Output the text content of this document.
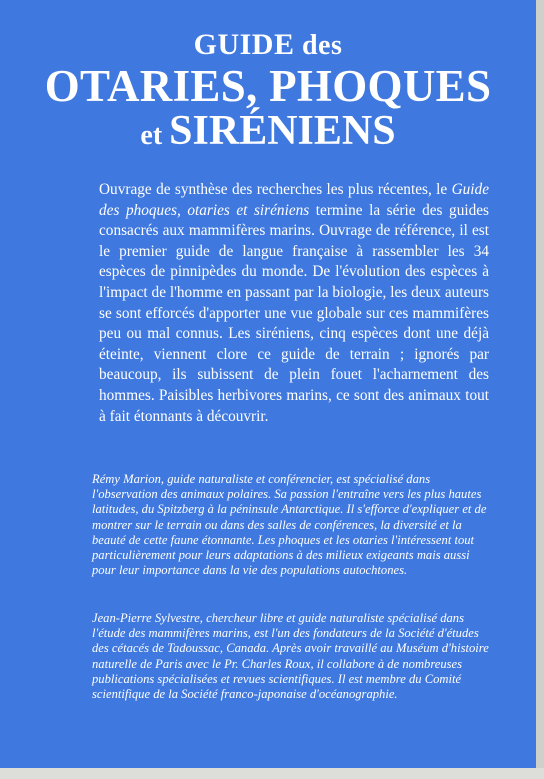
GUIDE des
OTARIES, PHOQUES
et SIRÉNIENS

Ouvrage de synthèse des recherches les plus récentes, le Guide des phoques, otaries et siréniens termine la série des guides consacrés aux mammifères marins. Ouvrage de référence, il est le premier guide de langue française à rassembler les 34 espèces de pinnipèdes du monde. De l'évolution des espèces à l'impact de l'homme en passant par la biologie, les deux auteurs se sont efforcés d'apporter une vue globale sur ces mammifères peu ou mal connus. Les siréniens, cinq espèces dont une déjà éteinte, viennent clore ce guide de terrain ; ignorés par beaucoup, ils subissent de plein fouet l'acharnement des hommes. Paisibles herbivores marins, ce sont des animaux tout à fait étonnants à découvrir.

Rémy Marion, guide naturaliste et conférencier, est spécialisé dans l'observation des animaux polaires. Sa passion l'entraîne vers les plus hautes latitudes, du Spitzberg à la péninsule Antarctique. Il s'efforce d'expliquer et de montrer sur le terrain ou dans des salles de conférences, la diversité et la beauté de cette faune étonnante. Les phoques et les otaries l'intéressent tout particulièrement pour leurs adaptations à des milieux exigeants mais aussi pour leur importance dans la vie des populations autochtones.

Jean-Pierre Sylvestre, chercheur libre et guide naturaliste spécialisé dans l'étude des mammifères marins, est l'un des fondateurs de la Société d'études des cétacés de Tadoussac, Canada. Après avoir travaillé au Muséum d'histoire naturelle de Paris avec le Pr. Charles Roux, il collabore à de nombreuses publications spécialisées et revues scientifiques. Il est membre du Comité scientifique de la Société franco-japonaise d'océanographie.
